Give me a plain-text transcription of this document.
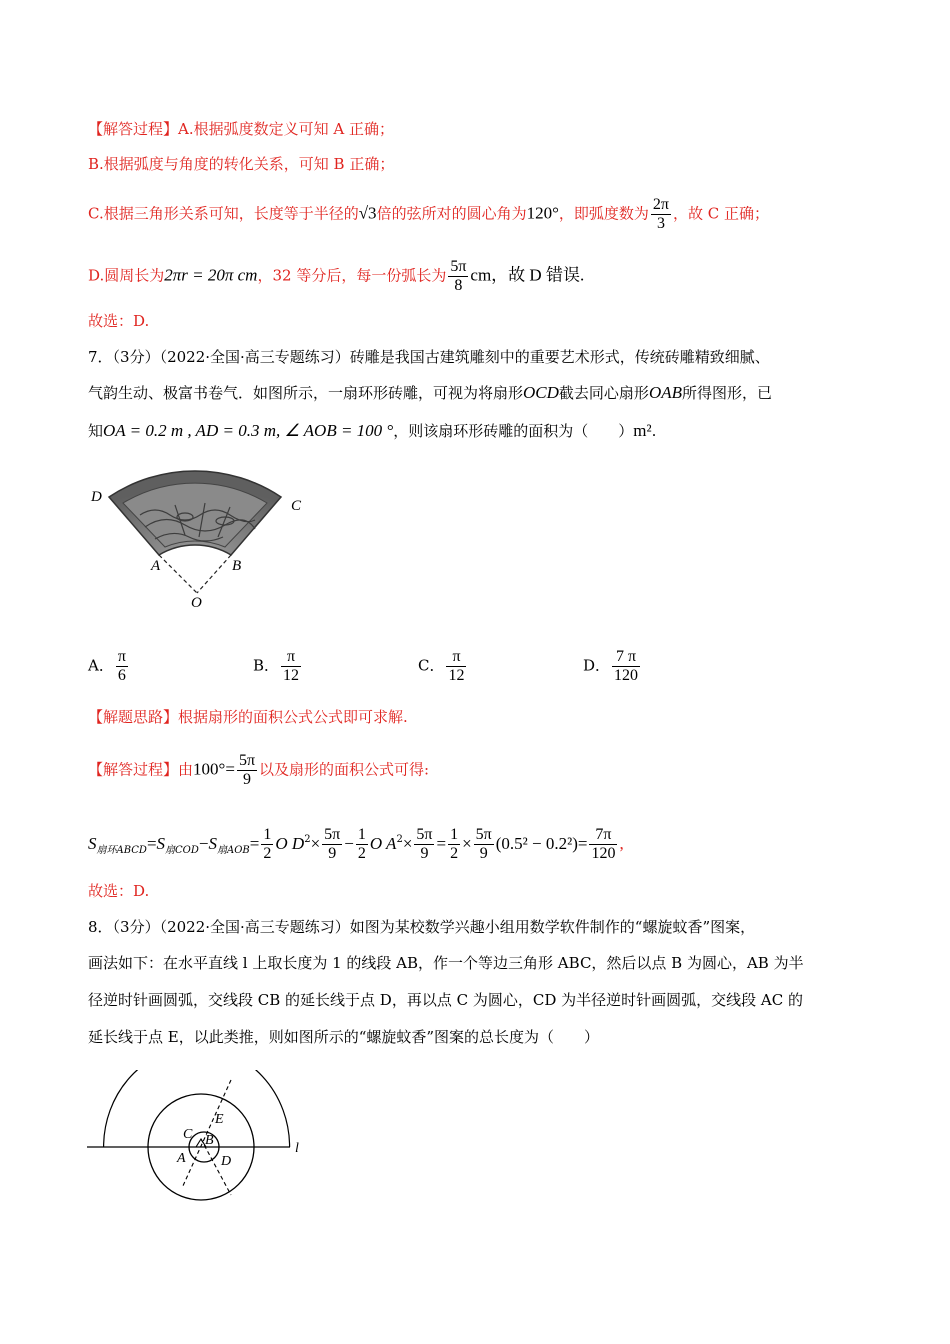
【解答过程】A.根据弧度数定义可知 A 正确；
B.根据弧度与角度的转化关系，可知 B 正确；
C.根据三角形关系可知，长度等于半径的√3倍的弦所对的圆心角为120°，即弧度数为 $\frac{2\pi}{3}$ ，故 C 正确；
D.圆周长为2πr = 20π cm，32 等分后，每一份弧长为 $\frac{5\pi}{8}$ cm，故 D 错误.
故选：D.
7．（3分）（2022·全国·高三专题练习）砖雕是我国古建筑雕刻中的重要艺术形式，传统砖雕精致细腻、
气韵生动、极富书卷气．如图所示，一扇环形砖雕，可视为将扇形OCD截去同心扇形OAB所得图形，已
知OA = 0.2 m , AD = 0.3 m, ∠ AOB = 100 °，则该扇环形砖雕的面积为（　　）m².
D
C
A	B
O
A． $\frac{\pi}{6}$	B． $\frac{\pi}{12}$	C． $\frac{\pi}{12}$	D． $\frac{7 \pi}{120}$
【解题思路】根据扇形的面积公式公式即可求解.
【解答过程】由$100^\circ= \frac{5\pi}{9}$ 以及扇形的面积公式可得:
$S_{扇环ABCD}=S_{扇COD}-S_{扇AOB}= \frac{1}{2}$ O $D^2\times \frac{5\pi}{9} - \frac{1}{2}$ O $A^2\times \frac{5\pi}{9} = \frac{1}{2} \times \frac{5\pi}{9} (0.5^2 - 0.2^2)= \frac{7\pi}{120}$ ,
故选：D.
8．（3分）（2022·全国·高三专题练习）如图为某校数学兴趣小组用数学软件制作的“螺旋蚊香”图案，
画法如下：在水平直线 l 上取长度为 1 的线段 AB，作一个等边三角形 ABC，然后以点 B 为圆心，AB 为半
径逆时针画圆弧，交线段 CB 的延长线于点 D，再以点 C 为圆心，CD 为半径逆时针画圆弧，交线段 AC 的
延长线于点 E，以此类推，则如图所示的“螺旋蚊香”图案的总长度为（　　）
E
C B
A	D
l
